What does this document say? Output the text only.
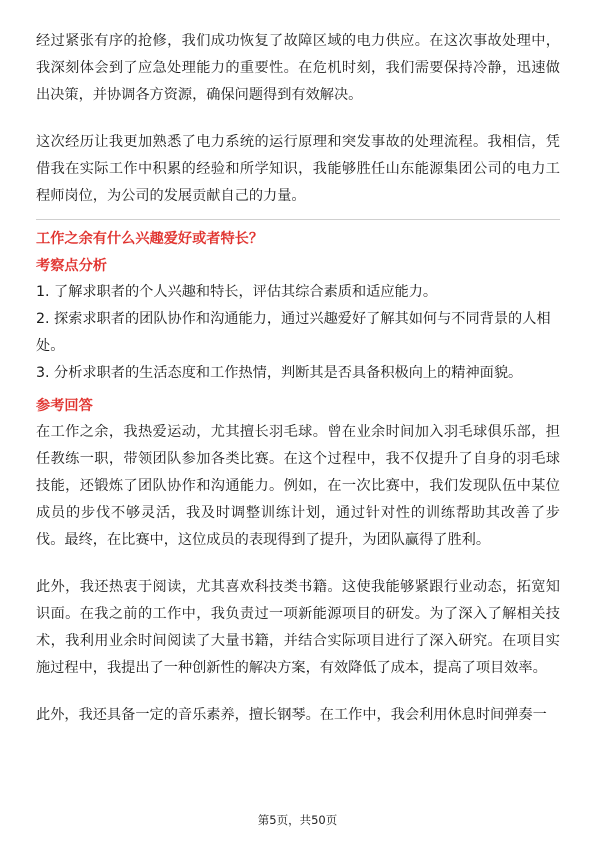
经过紧张有序的抢修，我们成功恢复了故障区域的电力供应。在这次事故处理中，我深刻体会到了应急处理能力的重要性。在危机时刻，我们需要保持冷静，迅速做出决策，并协调各方资源，确保问题得到有效解决。

这次经历让我更加熟悉了电力系统的运行原理和突发事故的处理流程。我相信，凭借我在实际工作中积累的经验和所学知识，我能够胜任山东能源集团公司的电力工程师岗位，为公司的发展贡献自己的力量。

工作之余有什么兴趣爱好或者特长？

考察点分析

1. 了解求职者的个人兴趣和特长，评估其综合素质和适应能力。

2. 探索求职者的团队协作和沟通能力，通过兴趣爱好了解其如何与不同背景的人相处。

3. 分析求职者的生活态度和工作热情，判断其是否具备积极向上的精神面貌。

参考回答

在工作之余，我热爱运动，尤其擅长羽毛球。曾在业余时间加入羽毛球俱乐部，担任教练一职，带领团队参加各类比赛。在这个过程中，我不仅提升了自身的羽毛球技能，还锻炼了团队协作和沟通能力。例如，在一次比赛中，我们发现队伍中某位成员的步伐不够灵活，我及时调整训练计划，通过针对性的训练帮助其改善了步伐。最终，在比赛中，这位成员的表现得到了提升，为团队赢得了胜利。

此外，我还热衷于阅读，尤其喜欢科技类书籍。这使我能够紧跟行业动态，拓宽知识面。在我之前的工作中，我负责过一项新能源项目的研发。为了深入了解相关技术，我利用业余时间阅读了大量书籍，并结合实际项目进行了深入研究。在项目实施过程中，我提出了一种创新性的解决方案，有效降低了成本，提高了项目效率。

此外，我还具备一定的音乐素养，擅长钢琴。在工作中，我会利用休息时间弹奏一

第5页，共50页
